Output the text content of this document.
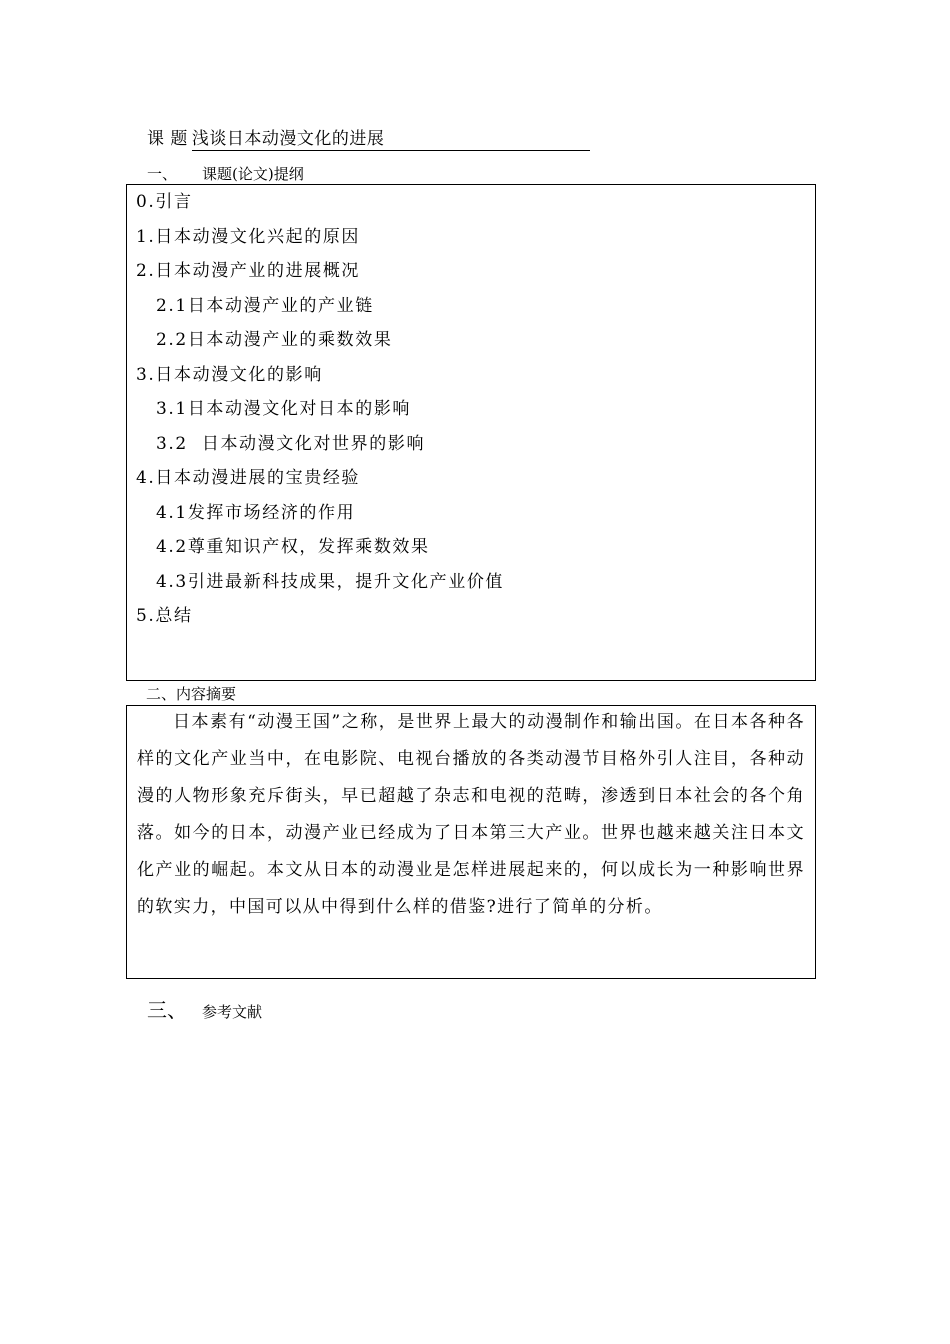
课 题 浅谈日本动漫文化的进展
一、 课题(论文)提纲
0.引言
1.日本动漫文化兴起的原因
2.日本动漫产业的进展概况
2.1日本动漫产业的产业链
2.2日本动漫产业的乘数效果
3.日本动漫文化的影响
3.1日本动漫文化对日本的影响
3.2  日本动漫文化对世界的影响
4.日本动漫进展的宝贵经验
4.1发挥市场经济的作用
4.2尊重知识产权，发挥乘数效果
4.3引进最新科技成果，提升文化产业价值
5.总结
二、内容摘要
日本素有“动漫王国”之称，是世界上最大的动漫制作和输出国。在日本各种各样的文化产业当中，在电影院、电视台播放的各类动漫节目格外引人注目，各种动漫的人物形象充斥街头，早已超越了杂志和电视的范畴，渗透到日本社会的各个角落。如今的日本，动漫产业已经成为了日本第三大产业。世界也越来越关注日本文化产业的崛起。本文从日本的动漫业是怎样进展起来的，何以成长为一种影响世界的软实力，中国可以从中得到什么样的借鉴?进行了简单的分析。
三、 参考文献
